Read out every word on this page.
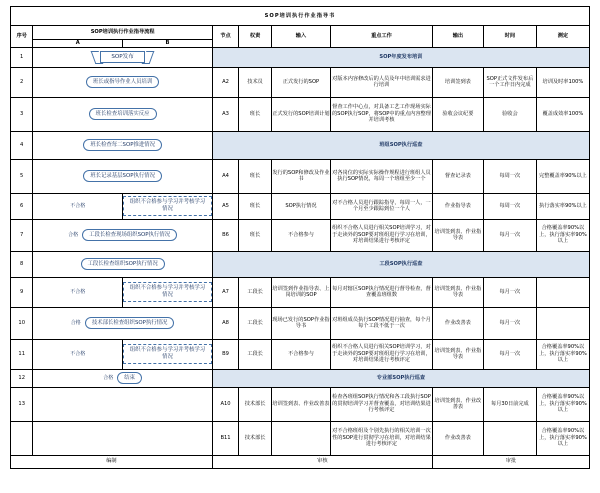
SOP培训执行作业指导书									
序号	SOP培训执行作业指导流程		节点	权责	输入	重点工作	输出	时间	测定
	A	B							
1	SOP发布		SOP年度发布培训						
2	班长或指导作业人员培训		A2	技术员	正式发行的SOP	对版本内容修改后的人员及年中培训需求进行培训	培训签到表	SOP正式文件发布后一个工作日内完成	培训及时率100%
3	班长检查培训落实反应		A3	班长	正式发行的SOP培训计划	督查工作中心点，对具备工艺工作现场实际的SOP执行SOP，将SOP中的重点内容整理并培训考核	验收会议纪要	验收会	覆盖成效率100%
4	班长检查每二SOP推进情况		班组SOP执行巡查						
5	班长记录基层SOP执行情况		A4	班长	发行的SOP和修改及作业书	对各岗位的实际实际操作规程进行班组人员执行SOP情况，每周一个班组至少一个	督查记录表	每周一次	完整覆盖率90%以上
6	不合格	组织不合格参与学习并考核学习情况	A5	班长	SOP执行情况	对不合格人员进行跟踪指导，每周一人，一个月至少跟踪到位一个人	作业指导表	每周一次	执行落实率90%以上
7	合格 工段长检查现场组织SOP执行情况		B6	班长	不合格参与	组织不合格人员进行相关SOP培训学习，对于走读外的SOP要对班组进行学习在培训，对培训结果进行考核评定	培训签到表、作业指导表	每月一次	合格覆盖率90%以上，执行落实率90%以上
8	工段长检查组织SOP执行情况		工段SOP执行巡查						
9	不合格	组织不合格参与学习并考核学习情况	A7	工段长	培训签到作业指导表、上岗培训的SOP	每月对辖区SOP执行情况进行督导检查，督查覆盖班组数	培训签到表、作业指导表	每月一次	
10	合格 技术部长检查组织SOP执行情况		A8	工段长	现场已发行的SOP作业指导书	对班组成员执行SOP情况进行抽查，每个月每个工段不低于一次	作业改善表	每月一次	
11	不合格	组织不合格参与学习并考核学习情况	B9	工段长	不合格参与	组织不合格人员进行相关SOP培训学习，对于走读外的SOP要对班组进行学习在培训，对培训结果进行考核评定	培训签到表、作业指导表	每月一次	合格覆盖率90%以上，执行落实率90%以上
12	合格 结束		专业部SOP执行巡查						
13			A10	技术部长	培训签到表、作业改善表	检查各班组SOP执行情况和各工段执行SOP的贯彻培训学习并督查覆盖，对培训结果进行考核评定	培训签到表、作业改善表	每月30日前完成	合格覆盖率90%以上，执行落实率90%以上
			B11	技术部长		对不合格班组及个别先执行的相关培训一次性的SOP进行贯彻学习在培训，对培训结果进行考核评定	作业改善表		合格覆盖率90%以上，执行落实率90%以上
编制			审核				审批		
